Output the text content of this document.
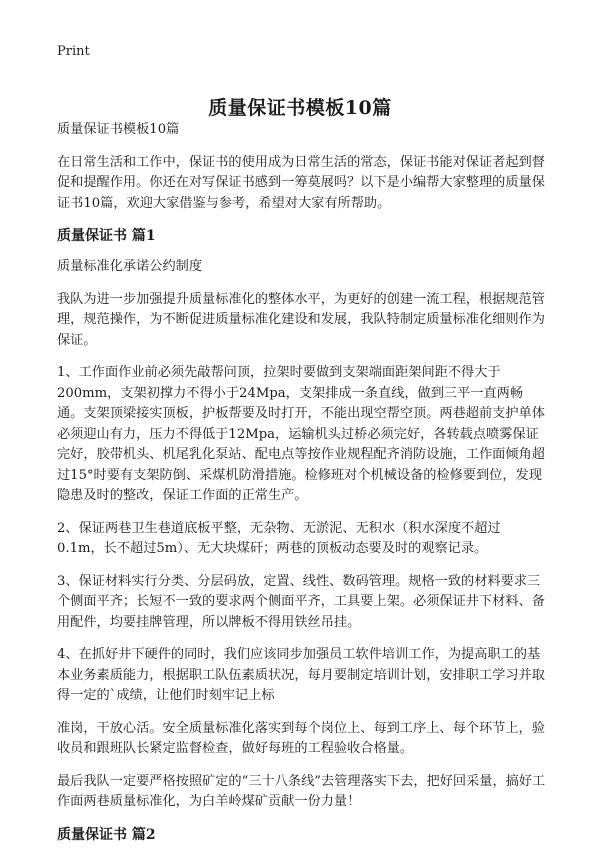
Print
质量保证书模板10篇

质量保证书模板10篇

在日常生活和工作中，保证书的使用成为日常生活的常态，保证书能对保证者起到督促和提醒作用。你还在对写保证书感到一筹莫展吗？以下是小编帮大家整理的质量保证书10篇，欢迎大家借鉴与参考，希望对大家有所帮助。

质量保证书 篇1

质量标准化承诺公约制度

我队为进一步加强提升质量标准化的整体水平，为更好的创建一流工程，根据规范管理，规范操作，为不断促进质量标准化建设和发展，我队特制定质量标准化细则作为保证。

1、工作面作业前必须先敲帮问顶，拉架时要做到支架端面距架间距不得大于200mm，支架初撑力不得小于24Mpa，支架排成一条直线，做到三平一直两畅通。支架顶梁接实顶板，护板帮要及时打开，不能出现空帮空顶。两巷超前支护单体必须迎山有力，压力不得低于12Mpa，运输机头过桥必须完好，各转载点喷雾保证完好，胶带机头、机尾乳化泵站、配电点等按作业规程配齐消防设施，工作面倾角超过15°时要有支架防倒、采煤机防滑措施。检修班对个机械设备的检修要到位，发现隐患及时的整改，保证工作面的正常生产。

2、保证两巷卫生巷道底板平整，无杂物、无淤泥、无积水（积水深度不超过0.1m，长不超过5m）、无大块煤矸；两巷的顶板动态要及时的观察记录。

3、保证材料实行分类、分层码放，定置、线性、数码管理。规格一致的材料要求三个侧面平齐；长短不一致的要求两个侧面平齐，工具要上架。必须保证井下材料、备用配件，均要挂牌管理，所以牌板不得用铁丝吊挂。

4、在抓好井下硬件的同时，我们应该同步加强员工软件培训工作，为提高职工的基本业务素质能力，根据职工队伍素质状况，每月要制定培训计划，安排职工学习并取得一定的`成绩，让他们时刻牢记上标

准岗，干放心活。安全质量标准化落实到每个岗位上、每到工序上、每个环节上，验收员和跟班队长紧定监督检查，做好每班的工程验收合格量。

最后我队一定要严格按照矿定的“三十八条线”去管理落实下去，把好回采量，搞好工作面两巷质量标准化，为白羊岭煤矿贡献一份力量！

质量保证书 篇2
